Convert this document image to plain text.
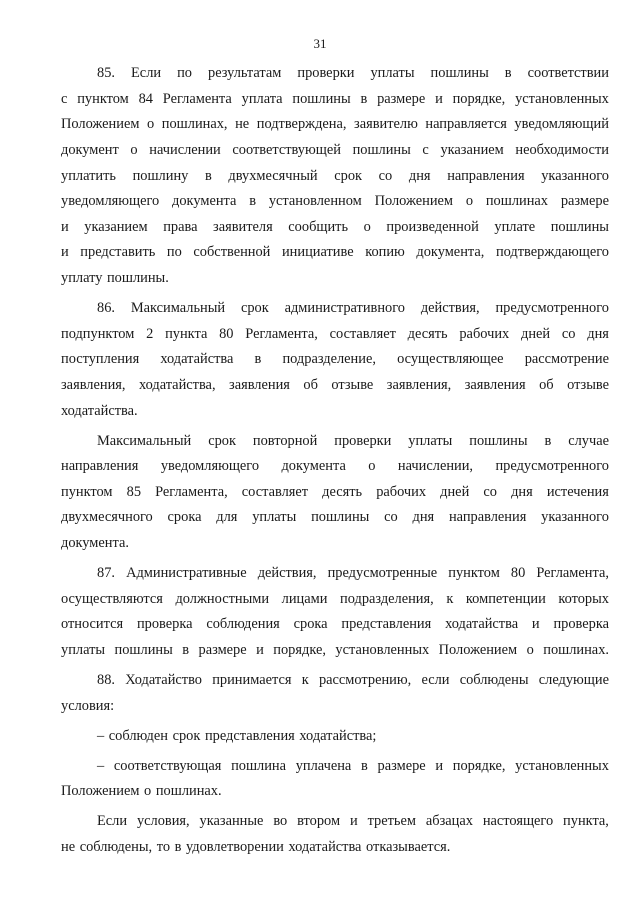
31
85. Если по результатам проверки уплаты пошлины в соответствии
с пунктом 84 Регламента уплата пошлины в размере и порядке, установленных
Положением о пошлинах, не подтверждена, заявителю направляется уведомляющий
документ о начислении соответствующей пошлины с указанием необходимости
уплатить пошлину в двухмесячный срок со дня направления указанного
уведомляющего документа в установленном Положением о пошлинах размере
и указанием права заявителя сообщить о произведенной уплате пошлины
и представить по собственной инициативе копию документа, подтверждающего
уплату пошлины.
86. Максимальный срок административного действия, предусмотренного
подпунктом 2 пункта 80 Регламента, составляет десять рабочих дней со дня
поступления ходатайства в подразделение, осуществляющее рассмотрение
заявления, ходатайства, заявления об отзыве заявления, заявления об отзыве
ходатайства.
Максимальный срок повторной проверки уплаты пошлины в случае
направления уведомляющего документа о начислении, предусмотренного
пунктом 85 Регламента, составляет десять рабочих дней со дня истечения
двухмесячного срока для уплаты пошлины со дня направления указанного
документа.
87. Административные действия, предусмотренные пунктом 80 Регламента,
осуществляются должностными лицами подразделения, к компетенции которых
относится проверка соблюдения срока представления ходатайства и проверка
уплаты пошлины в размере и порядке, установленных Положением о пошлинах.
88. Ходатайство принимается к рассмотрению, если соблюдены следующие
условия:
– соблюден срок представления ходатайства;
– соответствующая пошлина уплачена в размере и порядке, установленных
Положением о пошлинах.
Если условия, указанные во втором и третьем абзацах настоящего пункта,
не соблюдены, то в удовлетворении ходатайства отказывается.
